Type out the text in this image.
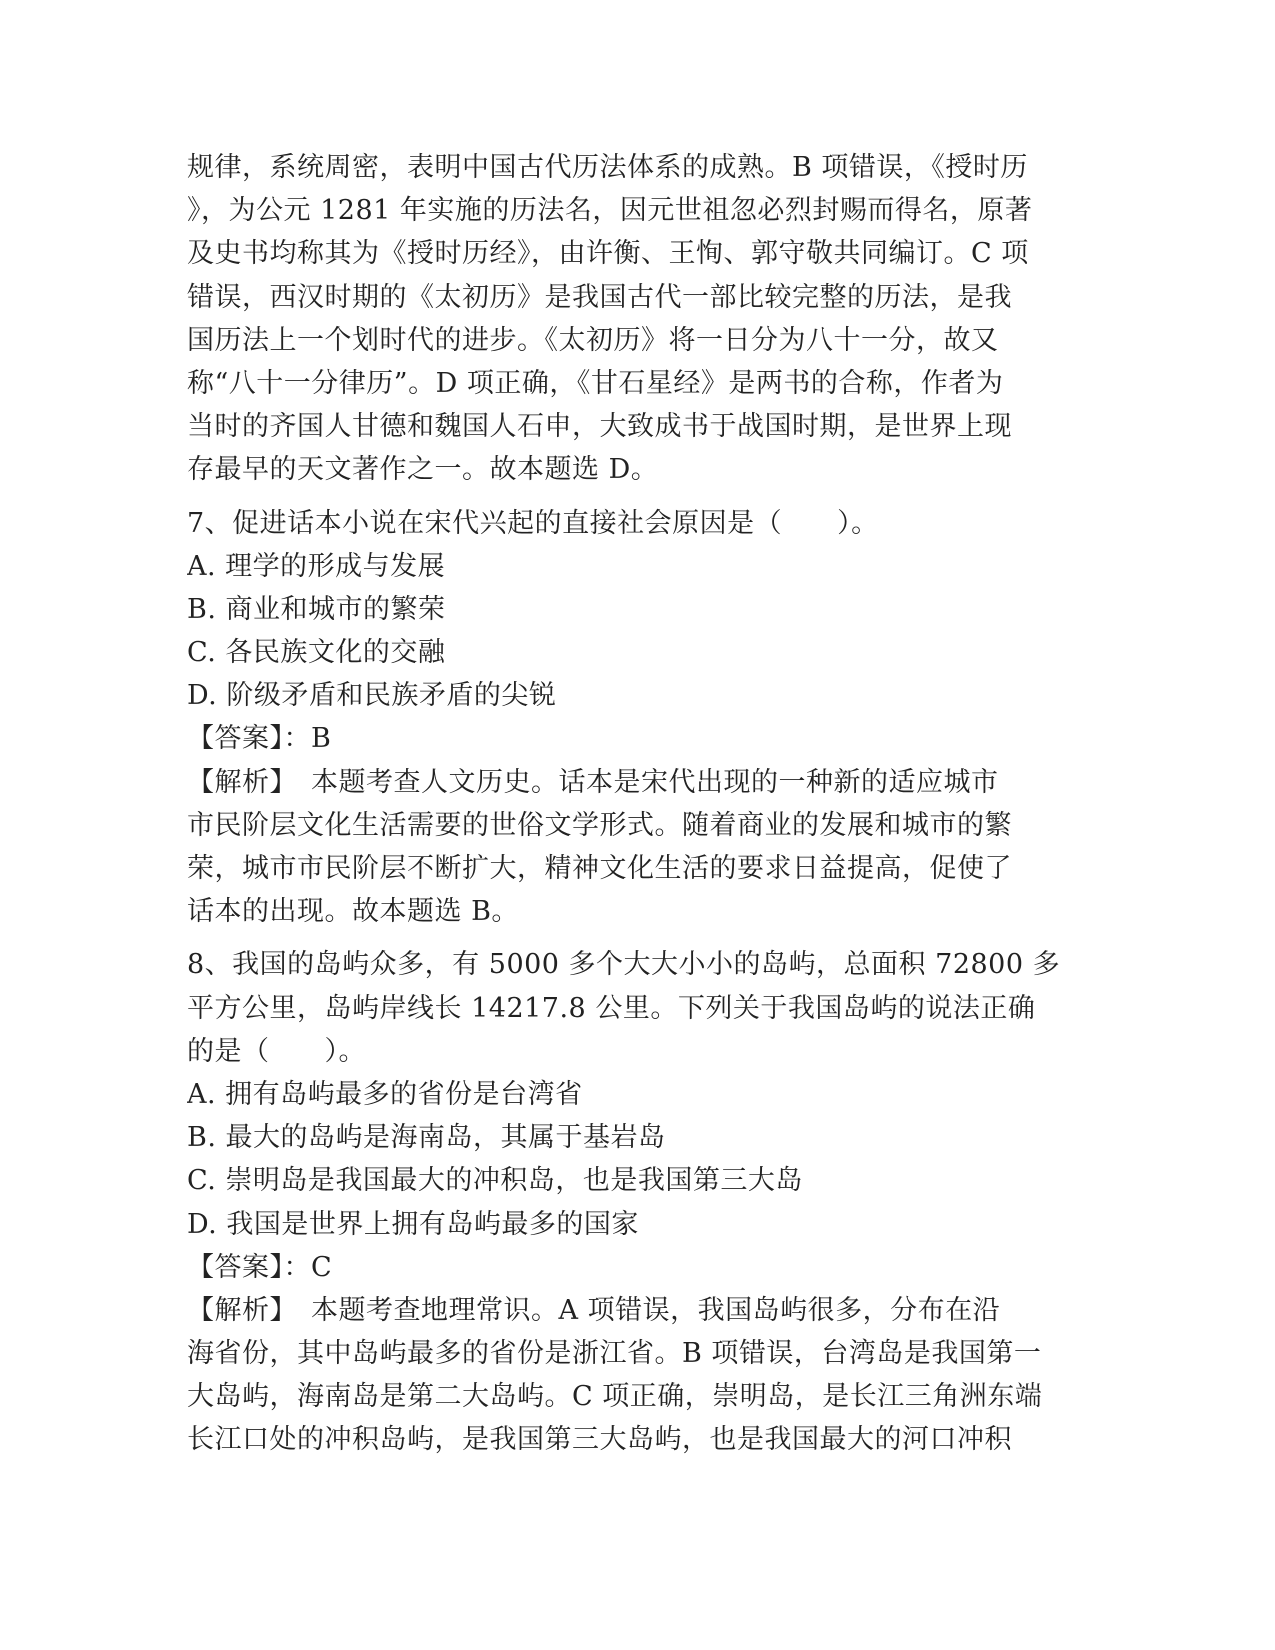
规律，系统周密，表明中国古代历法体系的成熟。B 项错误，《授时历
》，为公元 1281 年实施的历法名，因元世祖忽必烈封赐而得名，原著
及史书均称其为《授时历经》，由许衡、王恂、郭守敬共同编订。C 项
错误，西汉时期的《太初历》是我国古代一部比较完整的历法，是我
国历法上一个划时代的进步。《太初历》将一日分为八十一分，故又
称“八十一分律历”。D 项正确，《甘石星经》是两书的合称，作者为
当时的齐国人甘德和魏国人石申，大致成书于战国时期，是世界上现
存最早的天文著作之一。故本题选 D。
7、促进话本小说在宋代兴起的直接社会原因是（　　）。
A. 理学的形成与发展
B. 商业和城市的繁荣
C. 各民族文化的交融
D. 阶级矛盾和民族矛盾的尖锐
【答案】：B
【解析】　本题考查人文历史。话本是宋代出现的一种新的适应城市
市民阶层文化生活需要的世俗文学形式。随着商业的发展和城市的繁
荣，城市市民阶层不断扩大，精神文化生活的要求日益提高，促使了
话本的出现。故本题选 B。
8、我国的岛屿众多，有 5000 多个大大小小的岛屿，总面积 72800 多
平方公里，岛屿岸线长 14217.8 公里。下列关于我国岛屿的说法正确
的是（　　）。
A. 拥有岛屿最多的省份是台湾省
B. 最大的岛屿是海南岛，其属于基岩岛
C. 崇明岛是我国最大的冲积岛，也是我国第三大岛
D. 我国是世界上拥有岛屿最多的国家
【答案】：C
【解析】　本题考查地理常识。A 项错误，我国岛屿很多，分布在沿
海省份，其中岛屿最多的省份是浙江省。B 项错误，台湾岛是我国第一
大岛屿，海南岛是第二大岛屿。C 项正确，崇明岛，是长江三角洲东端
长江口处的冲积岛屿，是我国第三大岛屿，也是我国最大的河口冲积
